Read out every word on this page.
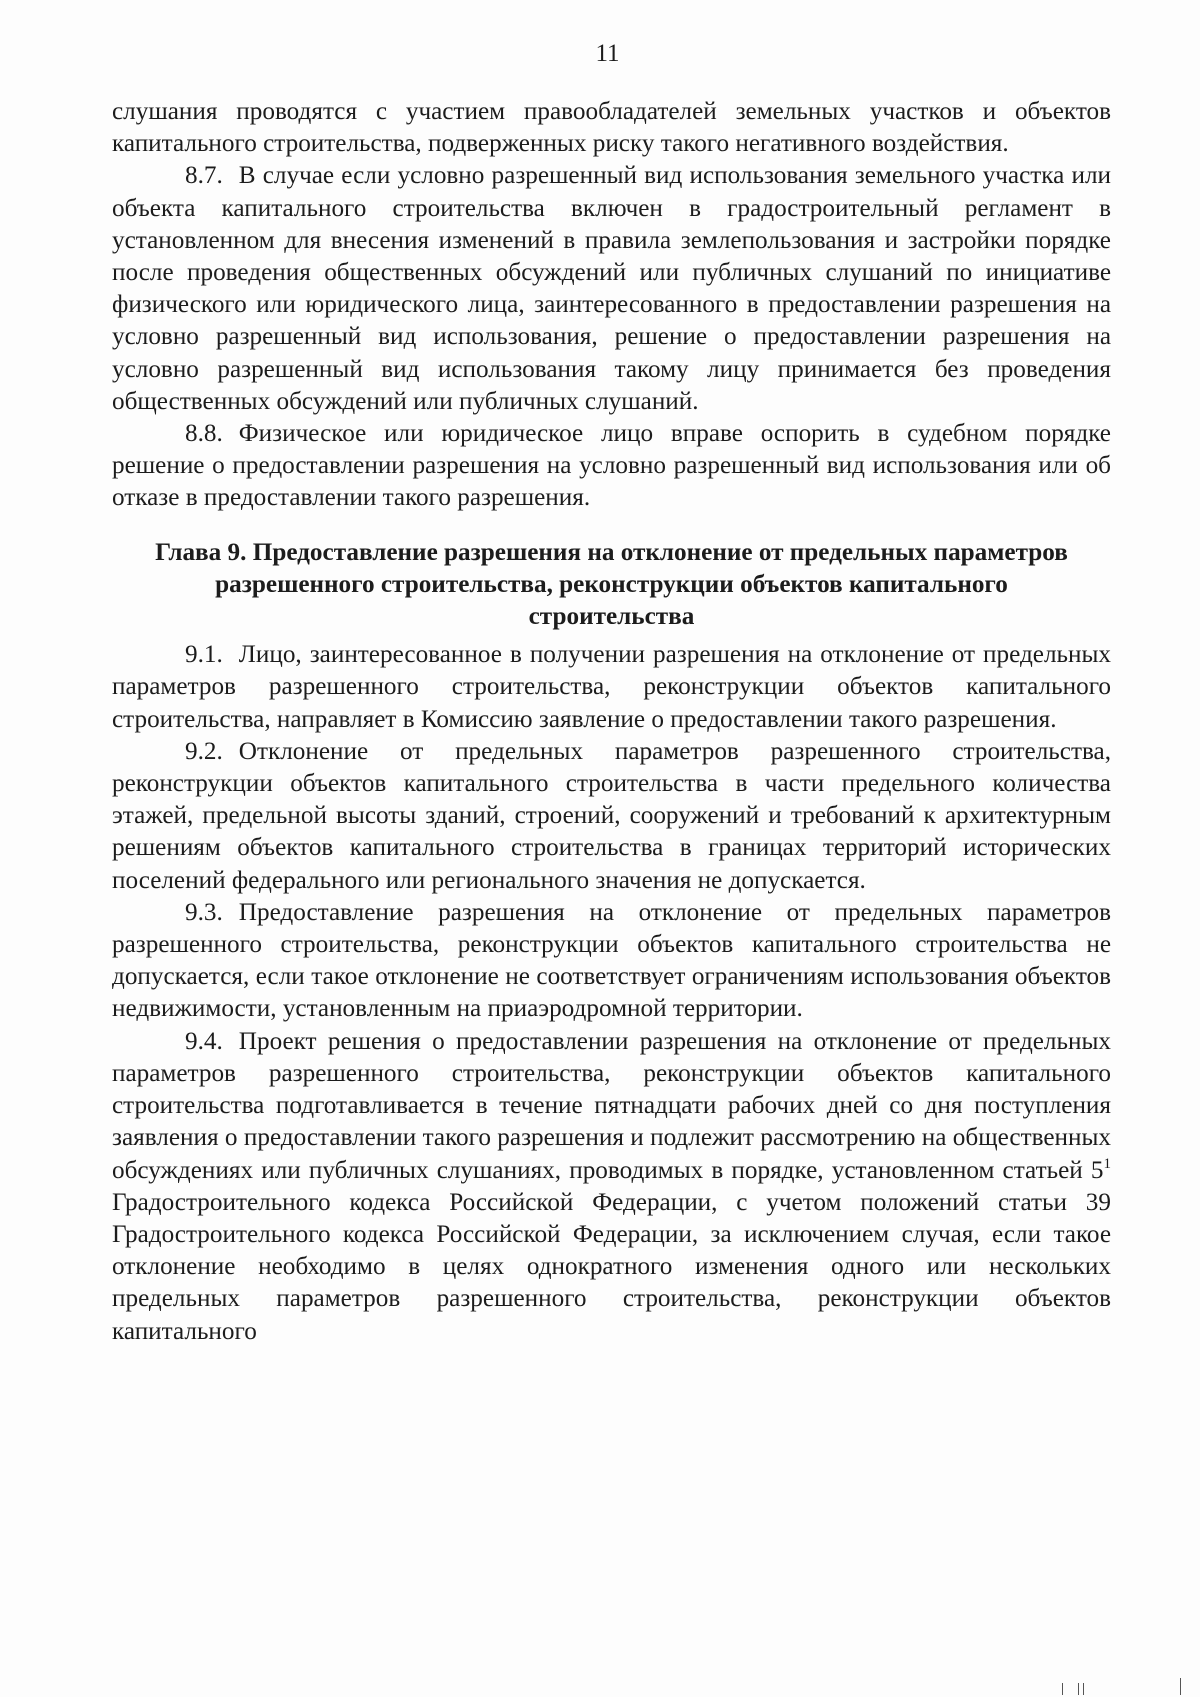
11

слушания проводятся с участием правообладателей земельных участков и объектов капитального строительства, подверженных риску такого негативного воздействия.

8.7. В случае если условно разрешенный вид использования земельного участка или объекта капитального строительства включен в градостроительный регламент в установленном для внесения изменений в правила землепользования и застройки порядке после проведения общественных обсуждений или публичных слушаний по инициативе физического или юридического лица, заинтересованного в предоставлении разрешения на условно разрешенный вид использования, решение о предоставлении разрешения на условно разрешенный вид использования такому лицу принимается без проведения общественных обсуждений или публичных слушаний.

8.8. Физическое или юридическое лицо вправе оспорить в судебном порядке решение о предоставлении разрешения на условно разрешенный вид использования или об отказе в предоставлении такого разрешения.

Глава 9. Предоставление разрешения на отклонение от предельных параметров разрешенного строительства, реконструкции объектов капитального строительства

9.1. Лицо, заинтересованное в получении разрешения на отклонение от предельных параметров разрешенного строительства, реконструкции объектов капитального строительства, направляет в Комиссию заявление о предоставлении такого разрешения.

9.2. Отклонение от предельных параметров разрешенного строительства, реконструкции объектов капитального строительства в части предельного количества этажей, предельной высоты зданий, строений, сооружений и требований к архитектурным решениям объектов капитального строительства в границах территорий исторических поселений федерального или регионального значения не допускается.

9.3. Предоставление разрешения на отклонение от предельных параметров разрешенного строительства, реконструкции объектов капитального строительства не допускается, если такое отклонение не соответствует ограничениям использования объектов недвижимости, установленным на приаэродромной территории.

9.4. Проект решения о предоставлении разрешения на отклонение от предельных параметров разрешенного строительства, реконструкции объектов капитального строительства подготавливается в течение пятнадцати рабочих дней со дня поступления заявления о предоставлении такого разрешения и подлежит рассмотрению на общественных обсуждениях или публичных слушаниях, проводимых в порядке, установленном статьей 5$^1$ Градостроительного кодекса Российской Федерации, с учетом положений статьи 39 Градостроительного кодекса Российской Федерации, за исключением случая, если такое отклонение необходимо в целях однократного изменения одного или нескольких предельных параметров разрешенного строительства, реконструкции объектов капитального
